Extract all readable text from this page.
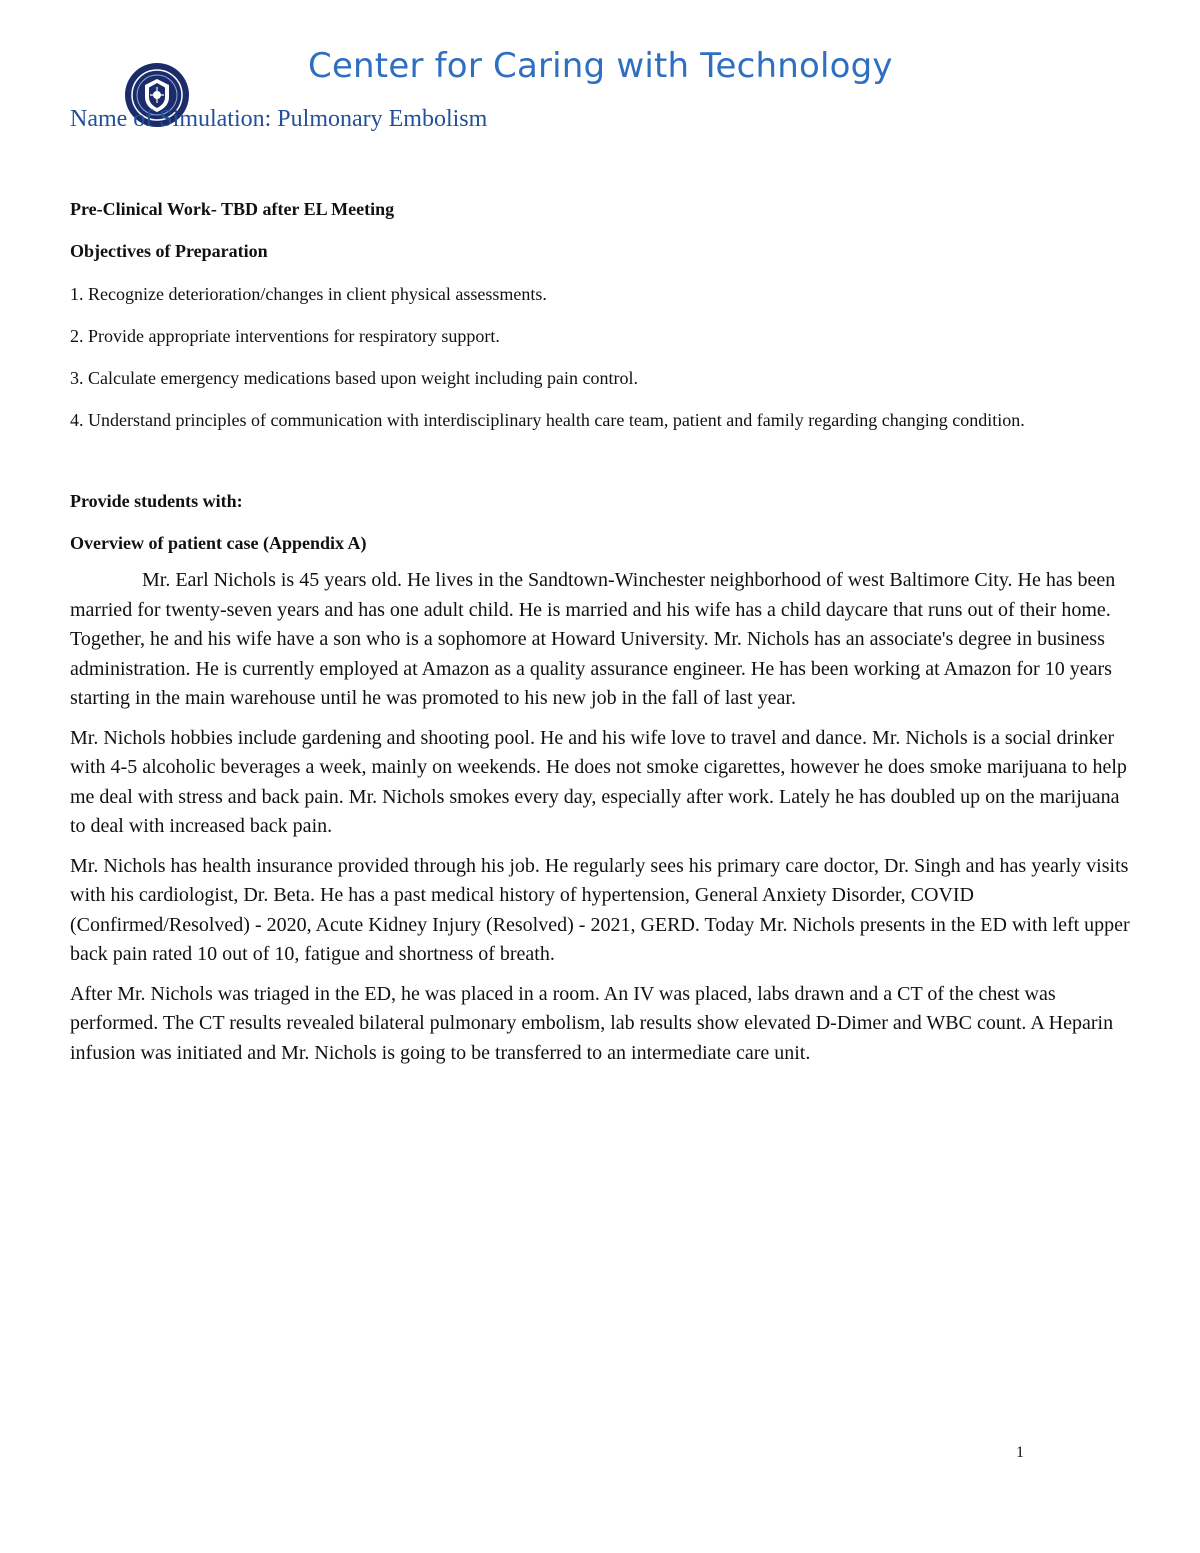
Center for Caring with Technology
Name of Simulation: Pulmonary Embolism

Pre-Clinical Work- TBD after EL Meeting

Objectives of Preparation

1. Recognize deterioration/changes in client physical assessments.
2. Provide appropriate interventions for respiratory support.
3. Calculate emergency medications based upon weight including pain control.
4. Understand principles of communication with interdisciplinary health care team, patient and family regarding changing condition.

Provide students with:

Overview of patient case (Appendix A)

Mr. Earl Nichols is 45 years old. He lives in the Sandtown-Winchester neighborhood of west Baltimore City. He has been married for twenty-seven years and has one adult child. He is married and his wife has a child daycare that runs out of their home. Together, he and his wife have a son who is a sophomore at Howard University. Mr. Nichols has an associate's degree in business administration. He is currently employed at Amazon as a quality assurance engineer. He has been working at Amazon for 10 years starting in the main warehouse until he was promoted to his new job in the fall of last year.

Mr. Nichols hobbies include gardening and shooting pool. He and his wife love to travel and dance. Mr. Nichols is a social drinker with 4-5 alcoholic beverages a week, mainly on weekends. He does not smoke cigarettes, however he does smoke marijuana to help me deal with stress and back pain. Mr. Nichols smokes every day, especially after work. Lately he has doubled up on the marijuana to deal with increased back pain.

Mr. Nichols has health insurance provided through his job. He regularly sees his primary care doctor, Dr. Singh and has yearly visits with his cardiologist, Dr. Beta. He has a past medical history of hypertension, General Anxiety Disorder, COVID (Confirmed/Resolved) - 2020, Acute Kidney Injury (Resolved) - 2021, GERD. Today Mr. Nichols presents in the ED with left upper back pain rated 10 out of 10, fatigue and shortness of breath.

After Mr. Nichols was triaged in the ED, he was placed in a room. An IV was placed, labs drawn and a CT of the chest was performed. The CT results revealed bilateral pulmonary embolism, lab results show elevated D-Dimer and WBC count. A Heparin infusion was initiated and Mr. Nichols is going to be transferred to an intermediate care unit.

1
